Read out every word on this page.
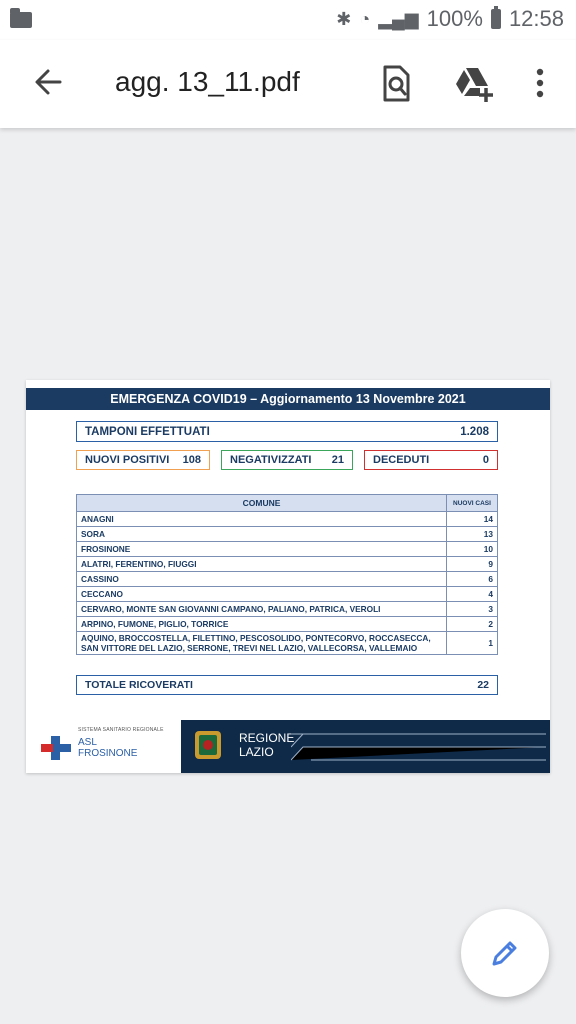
✱ ◔ ▂▄▆ 100% 12:58
agg. 13_11.pdf
EMERGENZA COVID19 – Aggiornamento 13 Novembre 2021
TAMPONI EFFETTUATI	1.208
NUOVI POSITIVI 108	NEGATIVIZZATI 21	DECEDUTI	0
COMUNE	NUOVI CASI
ANAGNI	14
SORA	13
FROSINONE	10
ALATRI, FERENTINO, FIUGGI	9
CASSINO	6
CECCANO	4
CERVARO, MONTE SAN GIOVANNI CAMPANO, PALIANO, PATRICA, VEROLI	3
ARPINO, FUMONE, PIGLIO, TORRICE	2

AQUINO, BROCCOSTELLA, FILETTINO, PESCOSOLIDO, PONTECORVO, ROCCASECCA,
SAN VITTORE DEL LAZIO, SERRONE, TREVI NEL LAZIO, VALLECORSA, VALLEMAIO	1
TOTALE RICOVERATI	22
SISTEMA SANITARIO REGIONALE
ASL
FROSINONE
REGIONE
LAZIO
